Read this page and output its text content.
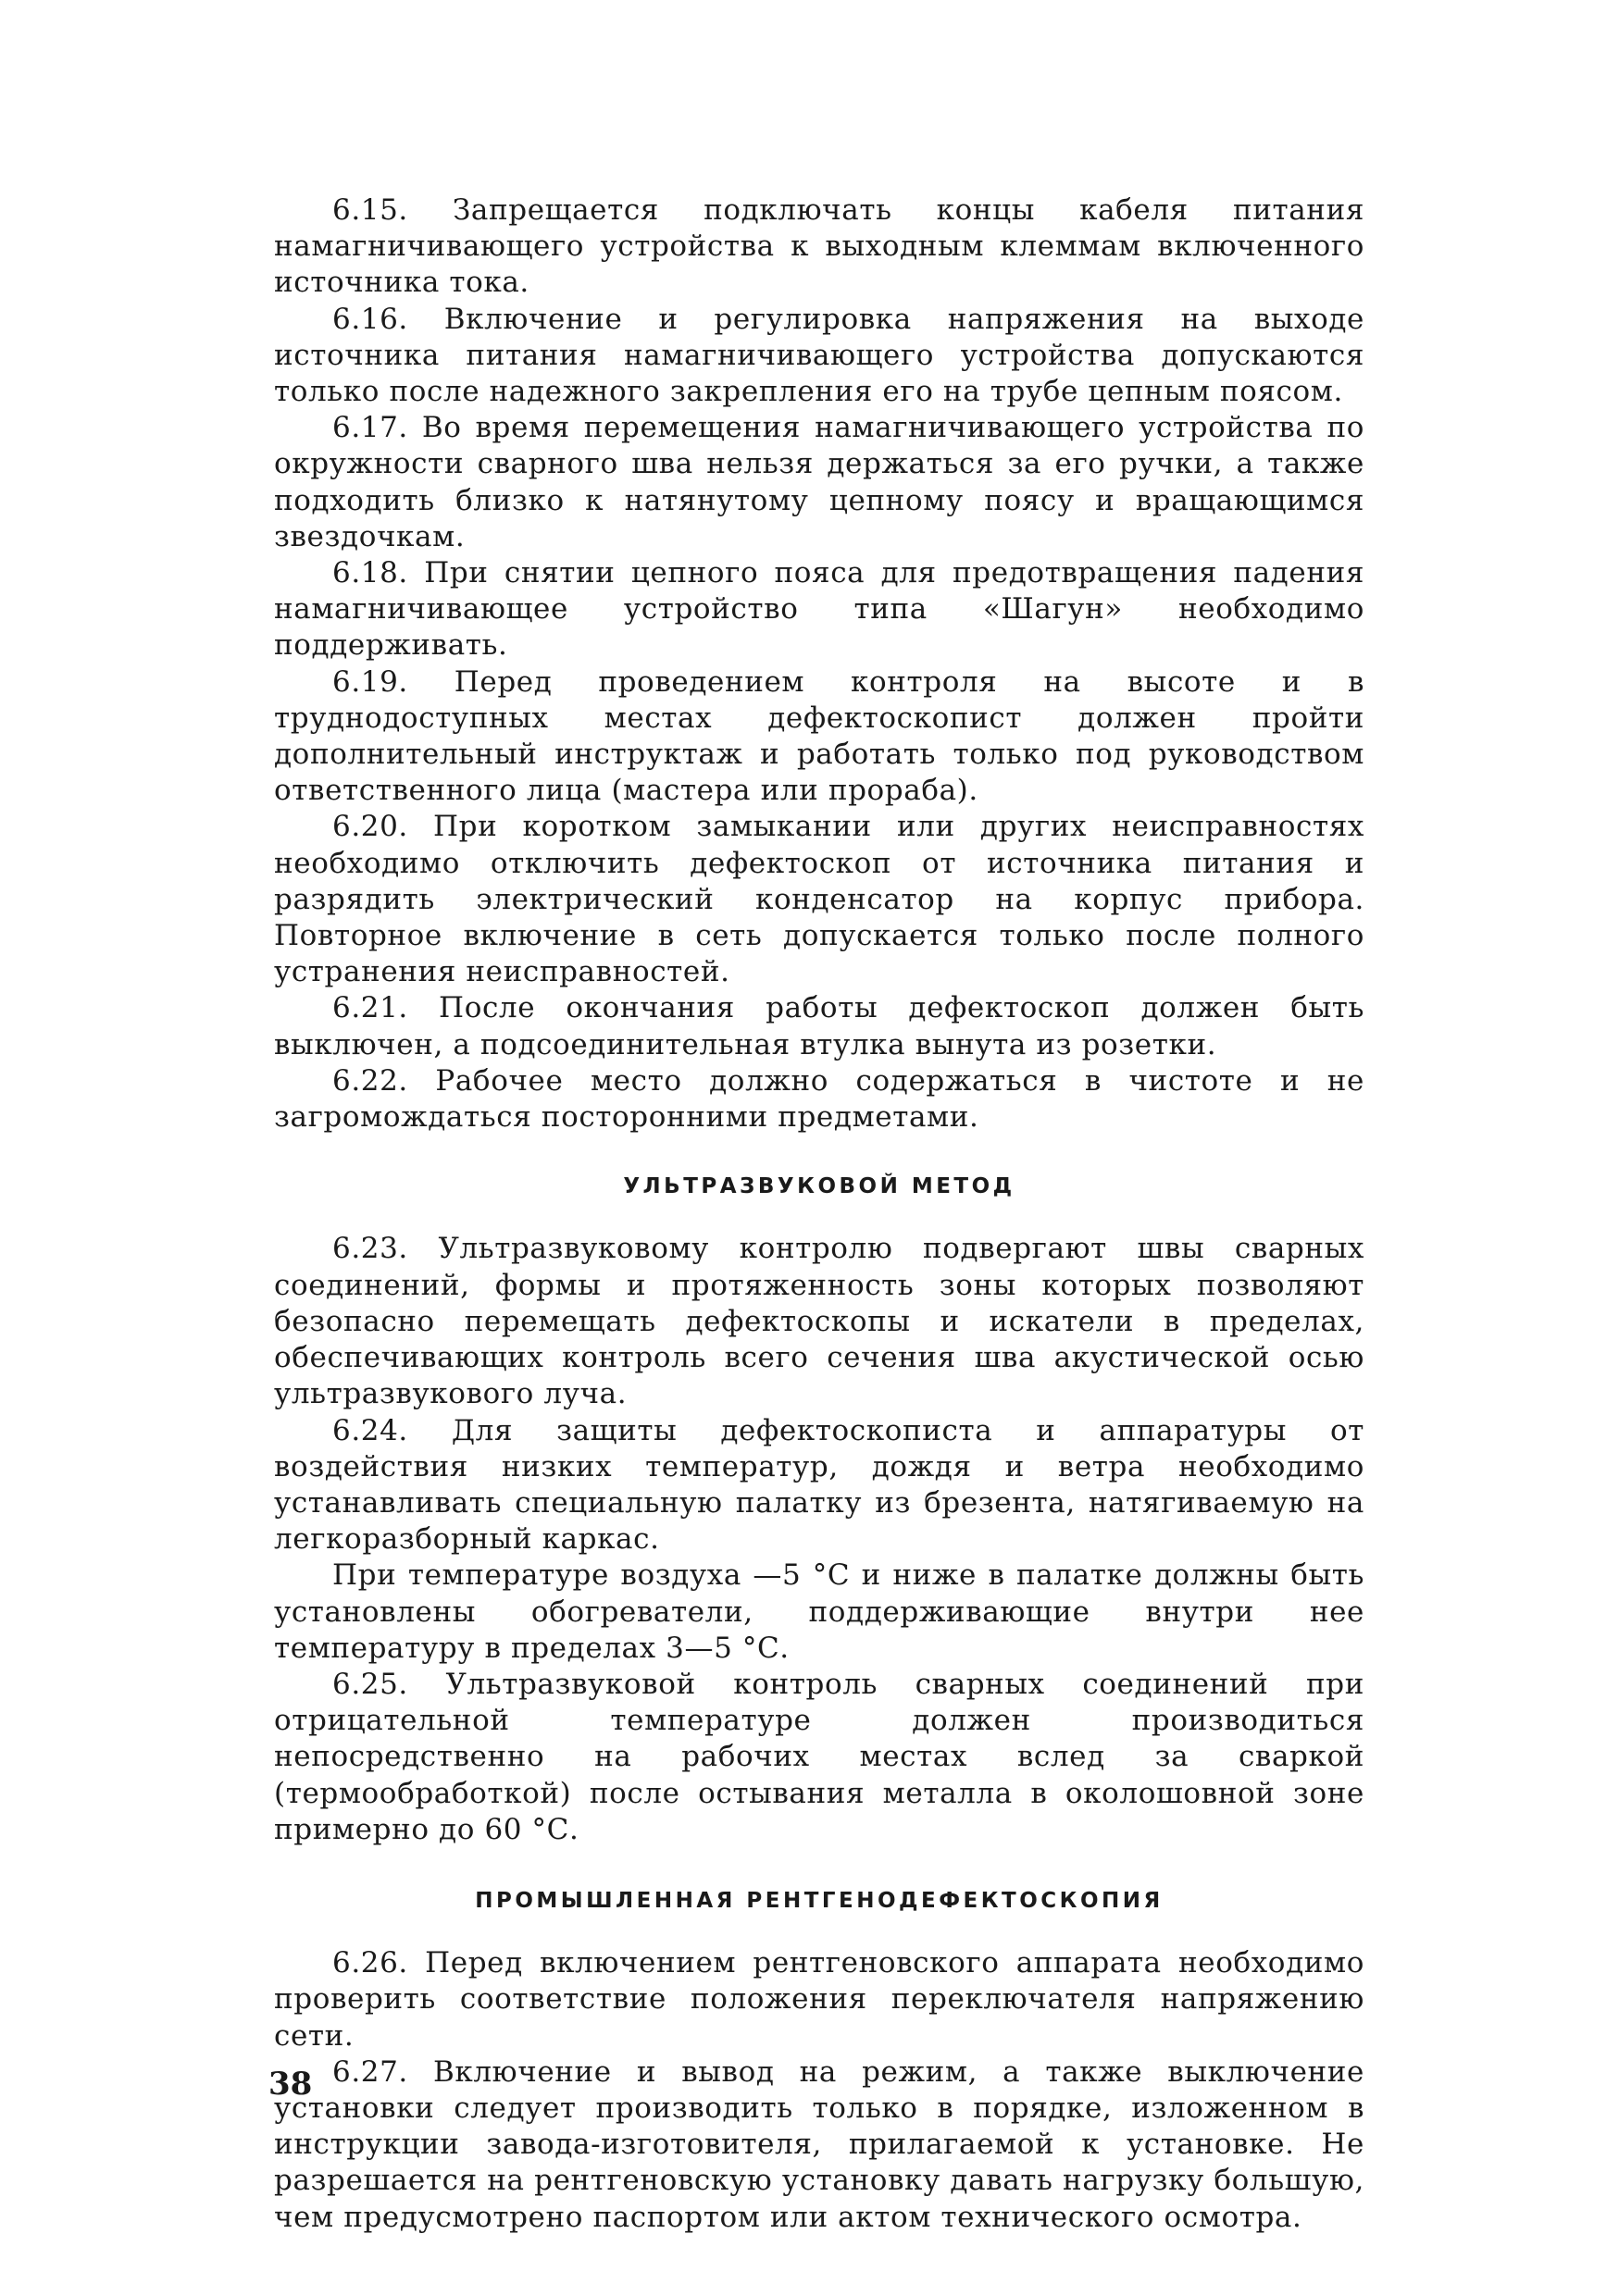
6.15. Запрещается подключать концы кабеля питания намагничивающего устройства к выходным клеммам включенного источника тока.

6.16. Включение и регулировка напряжения на выходе источника питания намагничивающего устройства допускаются только после надежного закрепления его на трубе цепным поясом.

6.17. Во время перемещения намагничивающего устройства по окружности сварного шва нельзя держаться за его ручки, а также подходить близко к натянутому цепному поясу и вращающимся звездочкам.

6.18. При снятии цепного пояса для предотвращения падения намагничивающее устройство типа «Шагун» необходимо поддерживать.

6.19. Перед проведением контроля на высоте и в труднодоступных местах дефектоскопист должен пройти дополнительный инструктаж и работать только под руководством ответственного лица (мастера или прораба).

6.20. При коротком замыкании или других неисправностях необходимо отключить дефектоскоп от источника питания и разрядить электрический конденсатор на корпус прибора. Повторное включение в сеть допускается только после полного устранения неисправностей.

6.21. После окончания работы дефектоскоп должен быть выключен, а подсоединительная втулка вынута из розетки.

6.22. Рабочее место должно содержаться в чистоте и не загромождаться посторонними предметами.

УЛЬТРАЗВУКОВОЙ МЕТОД

6.23. Ультразвуковому контролю подвергают швы сварных соединений, формы и протяженность зоны которых позволяют безопасно перемещать дефектоскопы и искатели в пределах, обеспечивающих контроль всего сечения шва акустической осью ультразвукового луча.

6.24. Для защиты дефектоскописта и аппаратуры от воздействия низких температур, дождя и ветра необходимо устанавливать специальную палатку из брезента, натягиваемую на легкоразборный каркас.

При температуре воздуха —5 °С и ниже в палатке должны быть установлены обогреватели, поддерживающие внутри нее температуру в пределах 3—5 °С.

6.25. Ультразвуковой контроль сварных соединений при отрицательной температуре должен производиться непосредственно на рабочих местах вслед за сваркой (термообработкой) после остывания металла в околошовной зоне примерно до 60 °С.

ПРОМЫШЛЕННАЯ РЕНТГЕНОДЕФЕКТОСКОПИЯ

6.26. Перед включением рентгеновского аппарата необходимо проверить соответствие положения переключателя напряжению сети.

6.27. Включение и вывод на режим, а также выключение установки следует производить только в порядке, изложенном в инструкции завода-изготовителя, прилагаемой к установке. Не разрешается на рентгеновскую установку давать нагрузку большую, чем предусмотрено паспортом или актом технического осмотра.

38
